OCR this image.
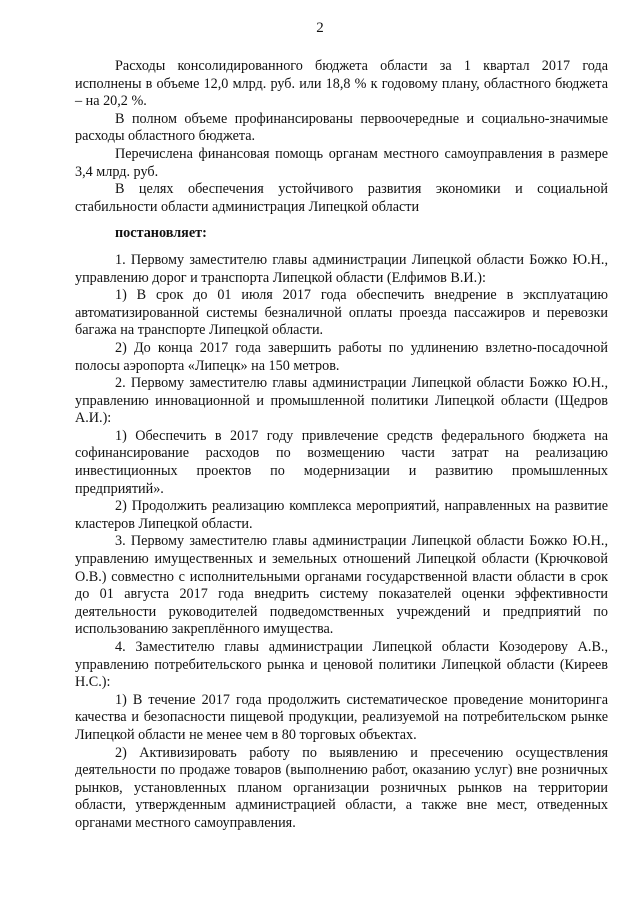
2

Расходы консолидированного бюджета области за 1 квартал 2017 года исполнены в объеме 12,0 млрд. руб. или 18,8 % к годовому плану, областного бюджета – на 20,2 %.

В полном объеме профинансированы первоочередные и социально-значимые расходы областного бюджета.

Перечислена финансовая помощь органам местного самоуправления в размере 3,4 млрд. руб.

В целях обеспечения устойчивого развития экономики и социальной стабильности области администрация Липецкой области

постановляет:

1. Первому заместителю главы администрации Липецкой области Божко Ю.Н., управлению дорог и транспорта Липецкой области (Елфимов В.И.):

1) В срок до 01 июля 2017 года обеспечить внедрение в эксплуатацию автоматизированной системы безналичной оплаты проезда пассажиров и перевозки багажа на транспорте Липецкой области.

2) До конца 2017 года завершить работы по удлинению взлетно-посадочной полосы аэропорта «Липецк» на 150 метров.

2. Первому заместителю главы администрации Липецкой области Божко Ю.Н., управлению инновационной и промышленной политики Липецкой области (Щедров А.И.):

1) Обеспечить в 2017 году привлечение средств федерального бюджета на софинансирование расходов по возмещению части затрат на реализацию инвестиционных проектов по модернизации и развитию промышленных предприятий».

2) Продолжить реализацию комплекса мероприятий, направленных на развитие кластеров Липецкой области.

3. Первому заместителю главы администрации Липецкой области Божко Ю.Н., управлению имущественных и земельных отношений Липецкой области (Крючковой О.В.) совместно с исполнительными органами государственной власти области в срок до 01 августа 2017 года внедрить систему показателей оценки эффективности деятельности руководителей подведомственных учреждений и предприятий по использованию закреплённого имущества.

4. Заместителю главы администрации Липецкой области Козодерову А.В., управлению потребительского рынка и ценовой политики Липецкой области (Киреев Н.С.):

1) В течение 2017 года продолжить систематическое проведение мониторинга качества и безопасности пищевой продукции, реализуемой на потребительском рынке Липецкой области не менее чем в 80 торговых объектах.

2) Активизировать работу по выявлению и пресечению осуществления деятельности по продаже товаров (выполнению работ, оказанию услуг) вне розничных рынков, установленных планом организации розничных рынков на территории области, утвержденным администрацией области, а также вне мест, отведенных органами местного самоуправления.
